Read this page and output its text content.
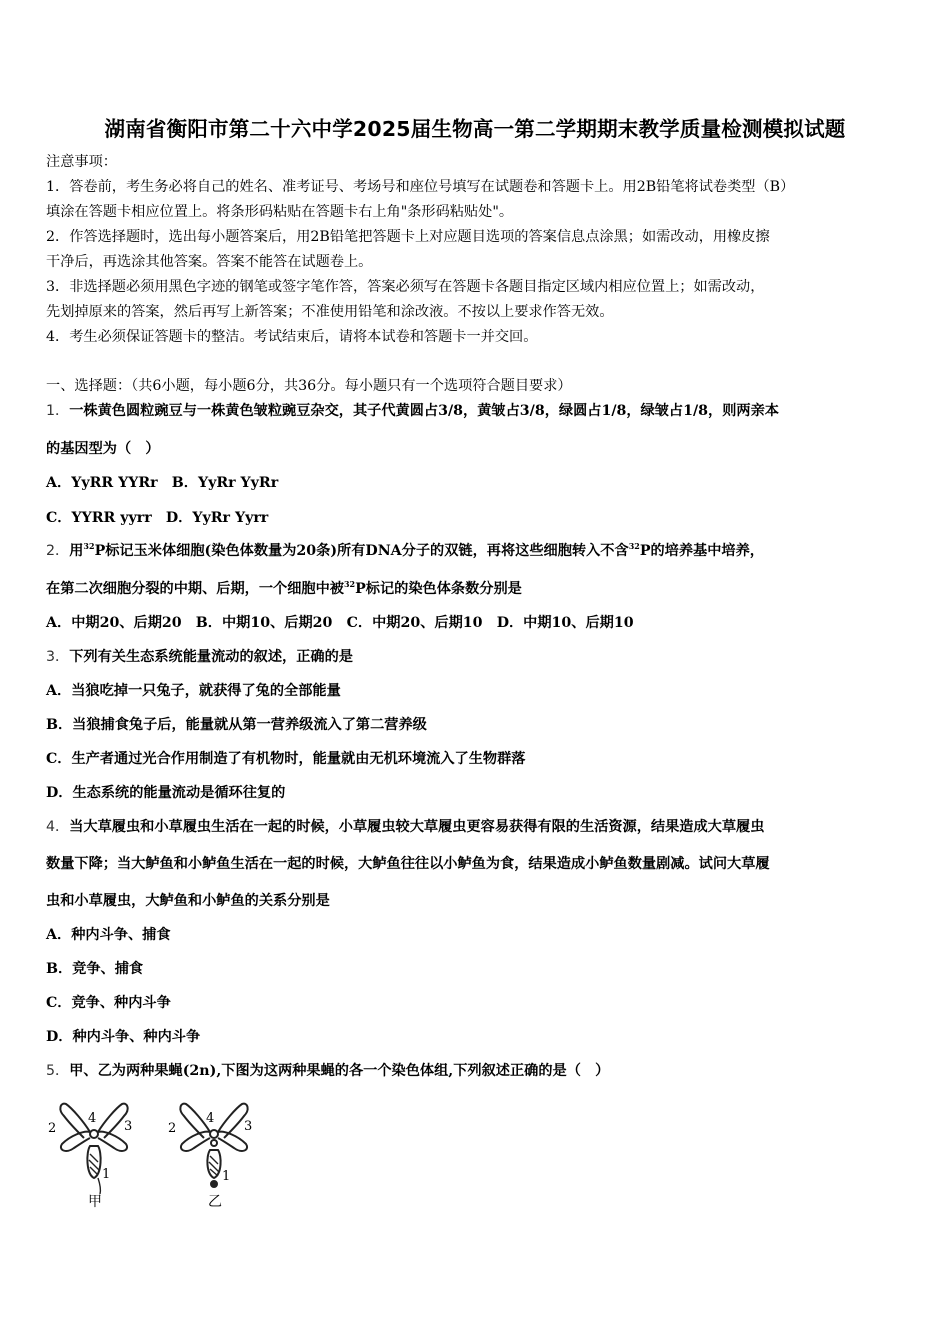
湖南省衡阳市第二十六中学2025届生物高一第二学期期末教学质量检测模拟试题
注意事项：
1．答卷前，考生务必将自己的姓名、准考证号、考场号和座位号填写在试题卷和答题卡上。用2B铅笔将试卷类型（B）
填涂在答题卡相应位置上。将条形码粘贴在答题卡右上角"条形码粘贴处"。
2．作答选择题时，选出每小题答案后，用2B铅笔把答题卡上对应题目选项的答案信息点涂黑；如需改动，用橡皮擦
干净后，再选涂其他答案。答案不能答在试题卷上。
3．非选择题必须用黑色字迹的钢笔或签字笔作答，答案必须写在答题卡各题目指定区域内相应位置上；如需改动，
先划掉原来的答案，然后再写上新答案；不准使用铅笔和涂改液。不按以上要求作答无效。
4．考生必须保证答题卡的整洁。考试结束后，请将本试卷和答题卡一并交回。
一、选择题：（共6小题，每小题6分，共36分。每小题只有一个选项符合题目要求）
1．一株黄色圆粒豌豆与一株黄色皱粒豌豆杂交，其子代黄圆占3/8，黄皱占3/8，绿圆占1/8，绿皱占1/8，则两亲本
的基因型为（　）
A．YyRR YYRr　B．YyRr YyRr
C．YYRR yyrr　D．YyRr Yyrr
2．用$^{32}$P标记玉米体细胞(染色体数量为20条)所有DNA分子的双链，再将这些细胞转入不含$^{32}$P的培养基中培养，
在第二次细胞分裂的中期、后期，一个细胞中被$^{32}$P标记的染色体条数分别是
A．中期20、后期20　B．中期10、后期20　C．中期20、后期10　D．中期10、后期10
3．下列有关生态系统能量流动的叙述，正确的是
A．当狼吃掉一只兔子，就获得了兔的全部能量
B．当狼捕食兔子后，能量就从第一营养级流入了第二营养级
C．生产者通过光合作用制造了有机物时，能量就由无机环境流入了生物群落
D．生态系统的能量流动是循环往复的
4．当大草履虫和小草履虫生活在一起的时候，小草履虫较大草履虫更容易获得有限的生活资源，结果造成大草履虫
数量下降；当大鲈鱼和小鲈鱼生活在一起的时候，大鲈鱼往往以小鲈鱼为食，结果造成小鲈鱼数量剧减。试问大草履
虫和小草履虫，大鲈鱼和小鲈鱼的关系分别是
A．种内斗争、捕食
B．竞争、捕食
C．竞争、种内斗争
D．种内斗争、种内斗争
5．甲、乙为两种果蝇(2n),下图为这两种果蝇的各一个染色体组,下列叙述正确的是（　）
2
4
3
1
甲
2
4
3
1
乙
